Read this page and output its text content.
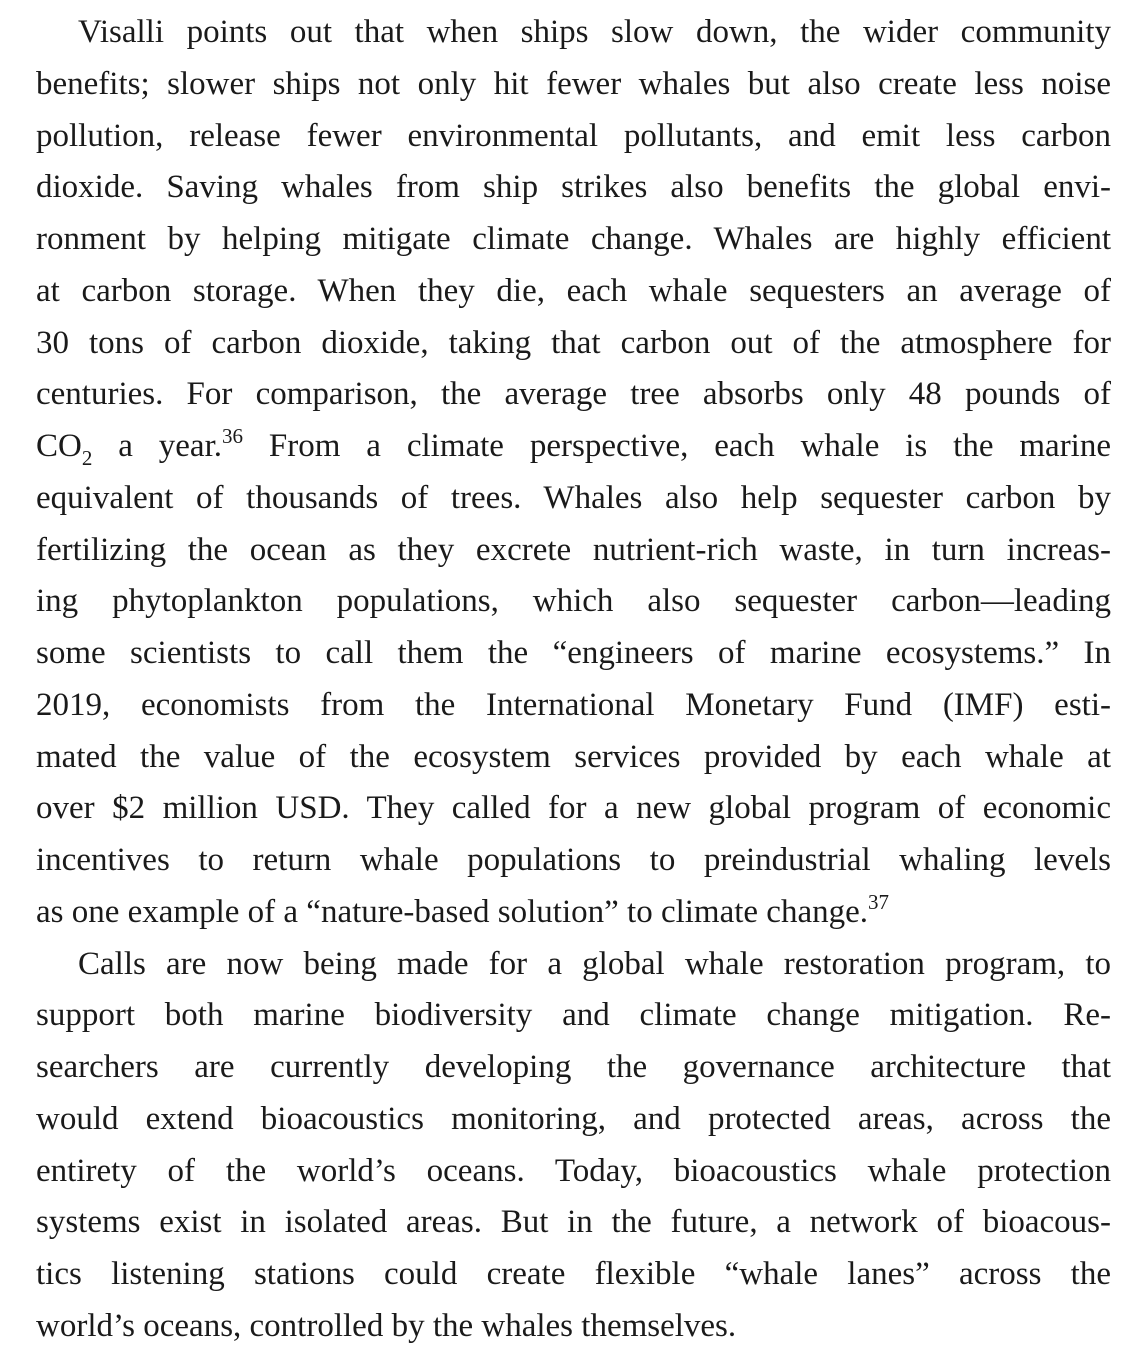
Visalli points out that when ships slow down, the wider community
benefits; slower ships not only hit fewer whales but also create less noise
pollution, release fewer environmental pollutants, and emit less carbon
dioxide. Saving whales from ship strikes also benefits the global envi-
ronment by helping mitigate climate change. Whales are highly efficient
at carbon storage. When they die, each whale sequesters an average of
30 tons of carbon dioxide, taking that carbon out of the atmosphere for
centuries. For comparison, the average tree absorbs only 48 pounds of
$CO_2$ a year.$^{36}$ From a climate perspective, each whale is the marine
equivalent of thousands of trees. Whales also help sequester carbon by
fertilizing the ocean as they excrete nutrient-rich waste, in turn increas-
ing phytoplankton populations, which also sequester carbon—leading
some scientists to call them the “engineers of marine ecosystems.” In
2019, economists from the International Monetary Fund (IMF) esti-
mated the value of the ecosystem services provided by each whale at
over $2 million USD. They called for a new global program of economic
incentives to return whale populations to preindustrial whaling levels
as one example of a “nature-based solution” to climate change.$^{37}$
Calls are now being made for a global whale restoration program, to
support both marine biodiversity and climate change mitigation. Re-
searchers are currently developing the governance architecture that
would extend bioacoustics monitoring, and protected areas, across the
entirety of the world’s oceans. Today, bioacoustics whale protection
systems exist in isolated areas. But in the future, a network of bioacous-
tics listening stations could create flexible “whale lanes” across the
world’s oceans, controlled by the whales themselves.
